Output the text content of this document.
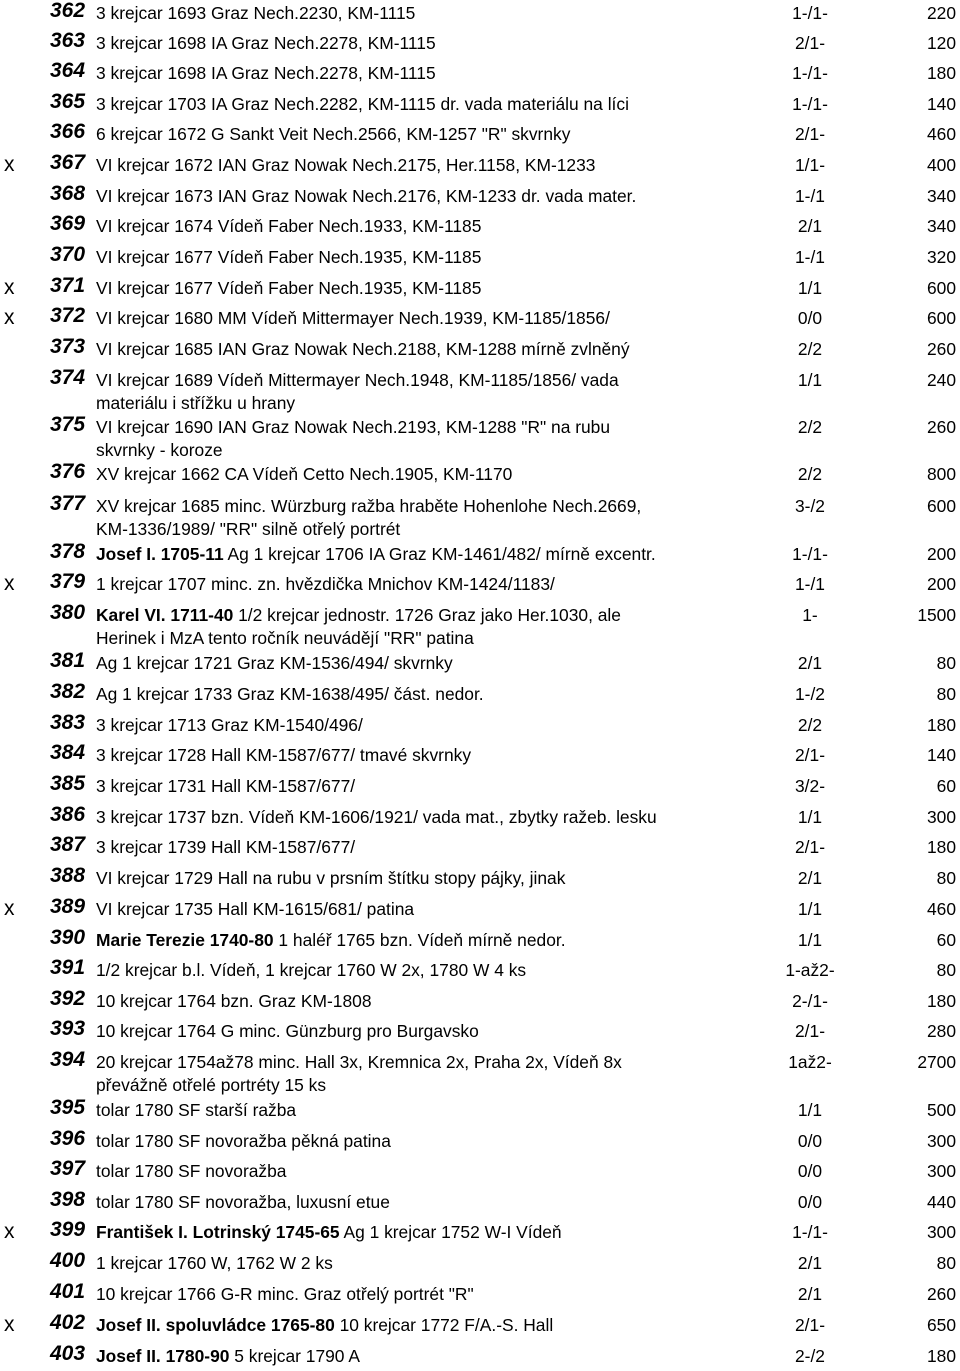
362 3 krejcar 1693 Graz Nech.2230, KM-1115	1-/1-	220
363 3 krejcar 1698 IA Graz Nech.2278, KM-1115	2/1-	120
364 3 krejcar 1698 IA Graz Nech.2278, KM-1115	1-/1-	180
365 3 krejcar 1703 IA Graz Nech.2282, KM-1115 dr. vada materiálu na líci	1-/1-	140
366 6 krejcar 1672 G Sankt Veit Nech.2566, KM-1257 "R" skvrnky	2/1-	460
x 367 VI krejcar 1672 IAN Graz Nowak Nech.2175, Her.1158, KM-1233	1/1-	400
368 VI krejcar 1673 IAN Graz Nowak Nech.2176, KM-1233 dr. vada mater.	1-/1	340
369 VI krejcar 1674 Vídeň Faber Nech.1933, KM-1185	2/1	340
370 VI krejcar 1677 Vídeň Faber Nech.1935, KM-1185	1-/1	320
x 371 VI krejcar 1677 Vídeň Faber Nech.1935, KM-1185	1/1	600
x 372 VI krejcar 1680 MM Vídeň Mittermayer Nech.1939, KM-1185/1856/	0/0	600
373 VI krejcar 1685 IAN Graz Nowak Nech.2188, KM-1288 mírně zvlněný	2/2	260
374 VI krejcar 1689 Vídeň Mittermayer Nech.1948, KM-1185/1856/ vada
materiálu i střížku u hrany
1/1	240
375 VI krejcar 1690 IAN Graz Nowak Nech.2193, KM-1288 "R" na rubu
skvrnky - koroze
2/2	260
376 XV krejcar 1662 CA Vídeň Cetto Nech.1905, KM-1170	2/2	800
377 XV krejcar 1685 minc. Würzburg ražba hraběte Hohenlohe Nech.2669,
KM-1336/1989/ "RR" silně otřelý portrét
3-/2	600
378 Josef I. 1705-11 Ag 1 krejcar 1706 IA Graz KM-1461/482/ mírně excentr.	1-/1-	200
x 379 1 krejcar 1707 minc. zn. hvězdička Mnichov KM-1424/1183/	1-/1	200
380 Karel VI. 1711-40 1/2 krejcar jednostr. 1726 Graz jako Her.1030, ale
Herinek i MzA tento ročník neuvádějí "RR" patina
1-	1500
381 Ag 1 krejcar 1721 Graz KM-1536/494/ skvrnky	2/1	80
382 Ag 1 krejcar 1733 Graz KM-1638/495/ část. nedor.	1-/2	80
383 3 krejcar 1713 Graz KM-1540/496/	2/2	180
384 3 krejcar 1728 Hall KM-1587/677/ tmavé skvrnky	2/1-	140
385 3 krejcar 1731 Hall KM-1587/677/	3/2-	60
386 3 krejcar 1737 bzn. Vídeň KM-1606/1921/ vada mat., zbytky ražeb. lesku	1/1	300
387 3 krejcar 1739 Hall KM-1587/677/	2/1-	180
388 VI krejcar 1729 Hall na rubu v prsním štítku stopy pájky, jinak	2/1	80
x 389 VI krejcar 1735 Hall KM-1615/681/ patina	1/1	460
390 Marie Terezie 1740-80 1 haléř 1765 bzn. Vídeň mírně nedor.	1/1	60
391 1/2 krejcar b.l. Vídeň, 1 krejcar 1760 W 2x, 1780 W 4 ks	1-až2-	80
392 10 krejcar 1764 bzn. Graz KM-1808	2-/1-	180
393 10 krejcar 1764 G minc. Günzburg pro Burgavsko	2/1-	280
394 20 krejcar 1754až78 minc. Hall 3x, Kremnica 2x, Praha 2x, Vídeň 8x
převážně otřelé portréty 15 ks
1až2-	2700
395 tolar 1780 SF starší ražba	1/1	500
396 tolar 1780 SF novoražba pěkná patina	0/0	300
397 tolar 1780 SF novoražba	0/0	300
398 tolar 1780 SF novoražba, luxusní etue	0/0	440
x 399 František I. Lotrinský 1745-65 Ag 1 krejcar 1752 W-I Vídeň	1-/1-	300
400 1 krejcar 1760 W, 1762 W 2 ks	2/1	80
401 10 krejcar 1766 G-R minc. Graz otřelý portrét "R"	2/1	260
x 402 Josef II. spoluvládce 1765-80 10 krejcar 1772 F/A.-S. Hall	2/1-	650
403 Josef II. 1780-90 5 krejcar 1790 A	2-/2	180
